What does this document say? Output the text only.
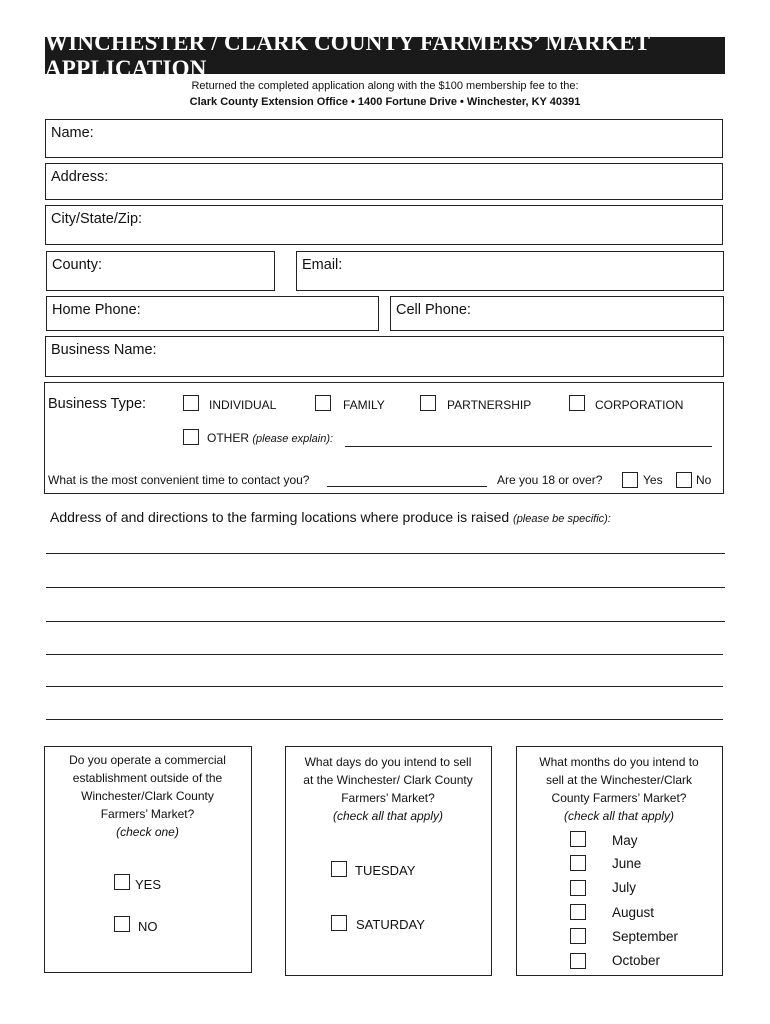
WINCHESTER / CLARK COUNTY FARMERS’ MARKET APPLICATION
Returned the completed application along with the $100 membership fee to the:
Clark County Extension Office • 1400 Fortune Drive • Winchester, KY 40391
Name:
Address:
City/State/Zip:
County:	Email:
Home Phone:	Cell Phone:
Business Name:
Business Type:	INDIVIDUAL	FAMILY	PARTNERSHIP	CORPORATION
OTHER (please explain):
What is the most convenient time to contact you?	Are you 18 or over?	Yes	No
Address of and directions to the farming locations where produce is raised (please be specific):
Do you operate a commercial
establishment outside of the
Winchester/Clark County
Farmers’ Market?
(check one)
YES
NO
What days do you intend to sell
at the Winchester/ Clark County
Farmers’ Market?
(check all that apply)
TUESDAY
SATURDAY
What months do you intend to
sell at the Winchester/Clark
County Farmers’ Market?
(check all that apply)
May
June
July
August
September
October
